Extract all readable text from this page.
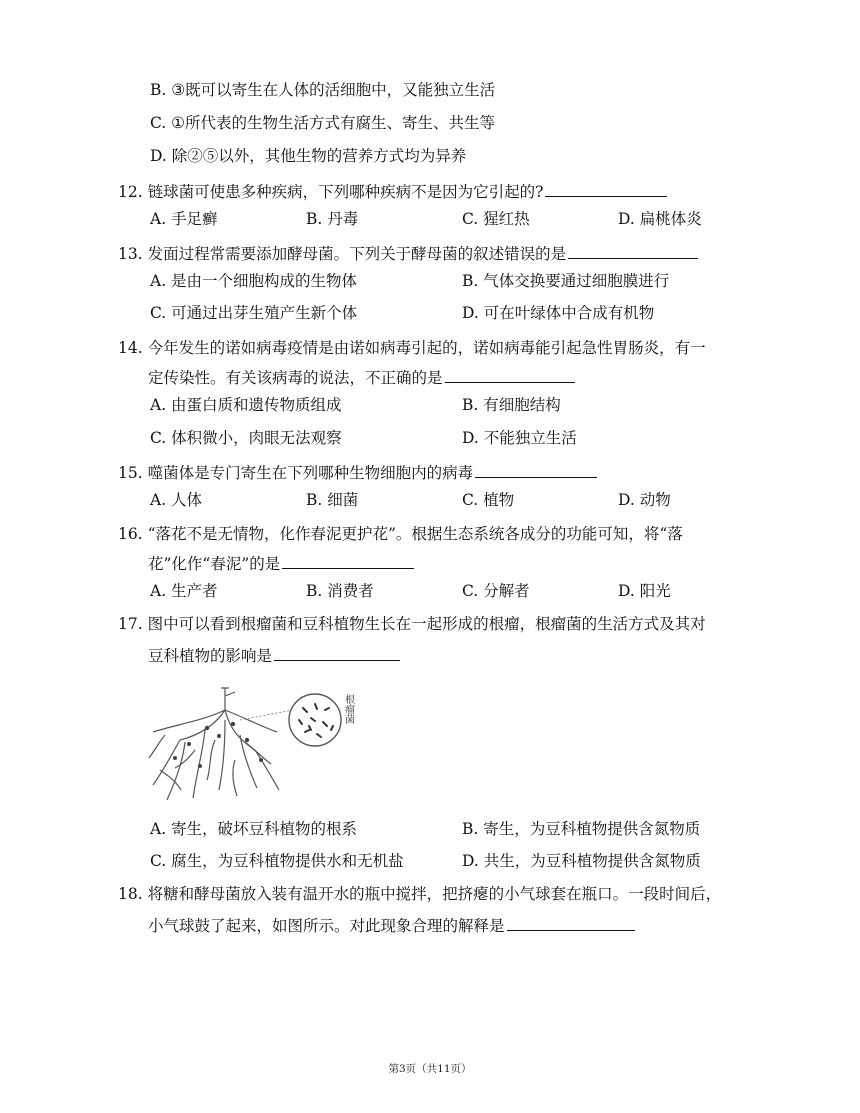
B. ③既可以寄生在人体的活细胞中，又能独立生活
C. ①所代表的生物生活方式有腐生、寄生、共生等
D. 除②⑤以外，其他生物的营养方式均为异养
12. 链球菌可使患多种疾病，下列哪种疾病不是因为它引起的?
A. 手足癣	B. 丹毒	C. 猩红热	D. 扁桃体炎
13. 发面过程常需要添加酵母菌。下列关于酵母菌的叙述错误的是
A. 是由一个细胞构成的生物体	B. 气体交换要通过细胞膜进行
C. 可通过出芽生殖产生新个体	D. 可在叶绿体中合成有机物
14. 今年发生的诺如病毒疫情是由诺如病毒引起的，诺如病毒能引起急性胃肠炎，有一
定传染性。有关该病毒的说法，不正确的是
A. 由蛋白质和遗传物质组成	B. 有细胞结构
C. 体积微小，肉眼无法观察	D. 不能独立生活
15. 噬菌体是专门寄生在下列哪种生物细胞内的病毒
A. 人体	B. 细菌	C. 植物	D. 动物
16. “落花不是无情物，化作春泥更护花”。根据生态系统各成分的功能可知，将“落
花”化作“春泥”的是
A. 生产者	B. 消费者	C. 分解者	D. 阳光
17. 图中可以看到根瘤菌和豆科植物生长在一起形成的根瘤，根瘤菌的生活方式及其对
豆科植物的影响是
根瘤菌
A. 寄生，破坏豆科植物的根系	B. 寄生，为豆科植物提供含氮物质
C. 腐生，为豆科植物提供水和无机盐	D. 共生，为豆科植物提供含氮物质
18. 将糖和酵母菌放入装有温开水的瓶中搅拌，把挤瘪的小气球套在瓶口。一段时间后，
小气球鼓了起来，如图所示。对此现象合理的解释是
第3页（共11页）
